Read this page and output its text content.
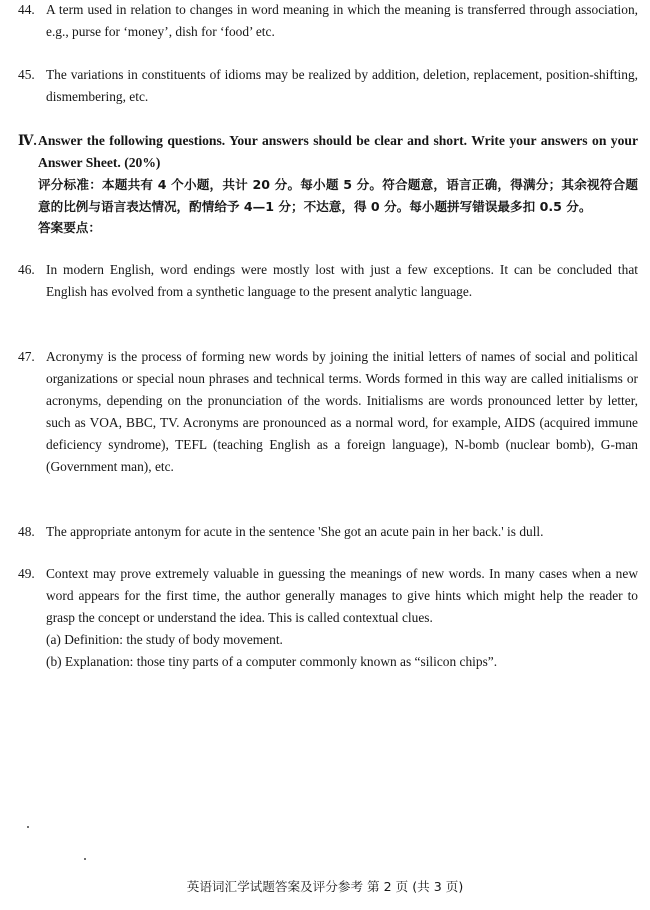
44. A term used in relation to changes in word meaning in which the meaning is transferred through association, e.g., purse for ‘money’, dish for ‘food’ etc.

45. The variations in constituents of idioms may be realized by addition, deletion, replacement, position-shifting, dismembering, etc.

Ⅳ. Answer the following questions. Your answers should be clear and short. Write your answers on your Answer Sheet. (20%)
评分标准：本题共有 4 个小题，共计 20 分。每小题 5 分。符合题意，语言正确，得满分；其余视符合题意的比例与语言表达情况，酌情给予 4—1 分；不达意，得 0 分。每小题拼写错误最多扣 0.5 分。
答案要点：
46. In modern English, word endings were mostly lost with just a few exceptions. It can be concluded that English has evolved from a synthetic language to the present analytic language.

47. Acronymy is the process of forming new words by joining the initial letters of names of social and political organizations or special noun phrases and technical terms. Words formed in this way are called initialisms or acronyms, depending on the pronunciation of the words. Initialisms are words pronounced letter by letter, such as VOA, BBC, TV. Acronyms are pronounced as a normal word, for example, AIDS (acquired immune deficiency syndrome), TEFL (teaching English as a foreign language), N-bomb (nuclear bomb), G-man (Government man), etc.

48. The appropriate antonym for acute in the sentence 'She got an acute pain in her back.' is dull.

49. Context may prove extremely valuable in guessing the meanings of new words. In many cases when a new word appears for the first time, the author generally manages to give hints which might help the reader to grasp the concept or understand the idea. This is called contextual clues.

(a) Definition: the study of body movement.

(b) Explanation: those tiny parts of a computer commonly known as “silicon chips”.

英语词汇学试题答案及评分参考 第 2 页 (共 3 页)
